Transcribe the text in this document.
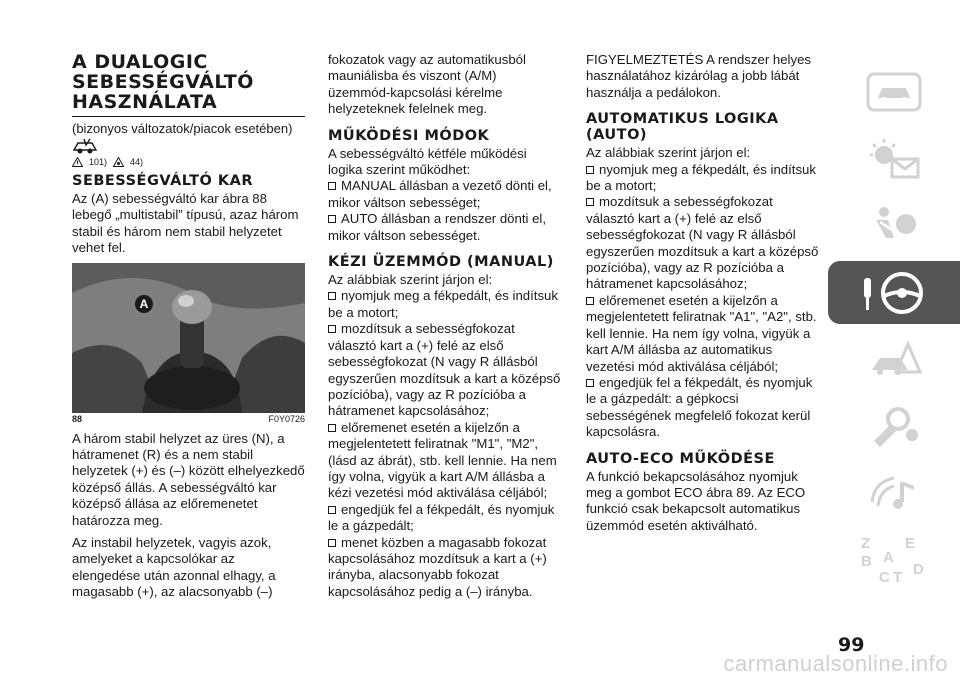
A DUALOGIC SEBESSÉGVÁLTÓ HASZNÁLATA

(bizonyos változatok/piacok esetében)

101)	44)
SEBESSÉGVÁLTÓ KAR

Az (A) sebességváltó kar ábra 88 lebegő „multistabil” típusú, azaz három stabil és három nem stabil helyzetet vehet fel.

A
88	F0Y0726

A három stabil helyzet az üres (N), a hátramenet (R) és a nem stabil helyzetek (+) és (–) között elhelyezkedő középső állás. A sebességváltó kar középső állása az előremenetet határozza meg.

Az instabil helyzetek, vagyis azok, amelyeket a kapcsolókar az elengedése után azonnal elhagy, a magasabb (+), az alacsonyabb (–)

fokozatok vagy az automatikusból mauniálisba és viszont (A/M) üzemmód-kapcsolási kérelme helyzeteknek felelnek meg.

MŰKÖDÉSI MÓDOK

A sebességváltó kétféle működési logika szerint működhet:

MANUAL állásban a vezető dönti el, mikor váltson sebességet;

AUTO állásban a rendszer dönti el, mikor váltson sebességet.

KÉZI ÜZEMMÓD (MANUAL)

Az alábbiak szerint járjon el:

nyomjuk meg a fékpedált, és indítsuk be a motort;

mozdítsuk a sebességfokozat választó kart a (+) felé az első sebességfokozat (N vagy R állásból egyszerűen mozdítsuk a kart a középső pozícióba), vagy az R pozícióba a hátramenet kapcsolásához;

előremenet esetén a kijelzőn a megjelentetett feliratnak "M1", "M2", (lásd az ábrát), stb. kell lennie. Ha nem így volna, vigyük a kart A/M állásba a kézi vezetési mód aktiválása céljából;

engedjük fel a fékpedált, és nyomjuk le a gázpedált;

menet közben a magasabb fokozat kapcsolásához mozdítsuk a kart a (+) irányba, alacsonyabb fokozat kapcsolásához pedig a (–) irányba.

FIGYELMEZTETÉS A rendszer helyes használatához kizárólag a jobb lábát használja a pedálokon.

AUTOMATIKUS LOGIKA (AUTO)

Az alábbiak szerint járjon el:

nyomjuk meg a fékpedált, és indítsuk be a motort;

mozdítsuk a sebességfokozat választó kart a (+) felé az első sebességfokozat (N vagy R állásból egyszerűen mozdítsuk a kart a középső pozícióba), vagy az R pozícióba a hátramenet kapcsolásához;

előremenet esetén a kijelzőn a megjelentetett feliratnak "A1", "A2", stb. kell lennie. Ha nem így volna, vigyük a kart A/M állásba az automatikus vezetési mód aktiválása céljából;

engedjük fel a fékpedált, és nyomjuk le a gázpedált: a gépkocsi sebességének megfelelő fokozat kerül kapcsolásra.

AUTO-ECO MŰKÖDÉSE

A funkció bekapcsolásához nyomjuk meg a gombot ECO ábra 89. Az ECO funkció csak bekapcsolt automatikus üzemmód esetén aktiválható.

Z E
B A
C T D
99
carmanualsonline.info
